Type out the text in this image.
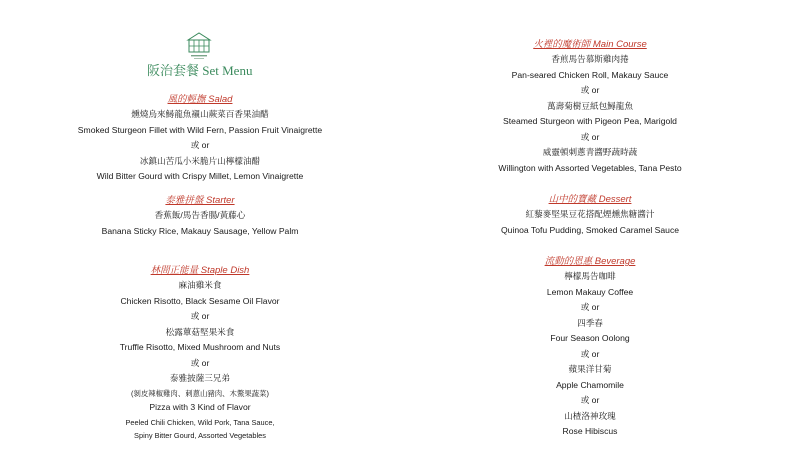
阪治套餐 Set Menu
風的輕撫 Salad
燻燒烏來鱘龍魚襯山蕨菜百香果油醋
Smoked Sturgeon Fillet with Wild Fern, Passion Fruit Vinaigrette
或 or
冰鎮山苦瓜小米脆片山檸檬油醋
Wild Bitter Gourd with Crispy Millet, Lemon Vinaigrette
泰雅拼盤 Starter
香蕉飯/馬告香腸/黃藤心
Banana Sticky Rice, Makauy Sausage, Yellow Palm
林間正能量 Staple Dish
麻油雞米食
Chicken Risotto, Black Sesame Oil Flavor
或 or
松露蕈菇堅果米食
Truffle Risotto, Mixed Mushroom and Nuts
或 or
泰雅披薩三兄弟
(剝皮辣椒雞肉、刺蔥山豬肉、木鱉果蔬菜)
Pizza with 3 Kind of Flavor
Peeled Chili Chicken, Wild Pork, Tana Sauce,
Spiny Bitter Gourd, Assorted Vegetables
火裡的魔術師 Main Course
香煎馬告慕斯雞肉捲
Pan-seared Chicken Roll, Makauy Sauce
或 or
萬壽菊樹豆紙包鱘龍魚
Steamed Sturgeon with Pigeon Pea, Marigold
或 or
威靈頓刺蔥青醬野蔬時蔬
Willington with Assorted Vegetables, Tana Pesto
山中的寶藏 Dessert
紅藜麥堅果豆花搭配煙燻焦糖醬汁
Quinoa Tofu Pudding, Smoked Caramel Sauce
流動的恩惠 Beverage
檸檬馬告咖啡
Lemon Makauy Coffee
或 or
四季春
Four Season Oolong
或 or
蘋果洋甘菊
Apple Chamomile
或 or
山楂洛神玫瑰
Rose Hibiscus
